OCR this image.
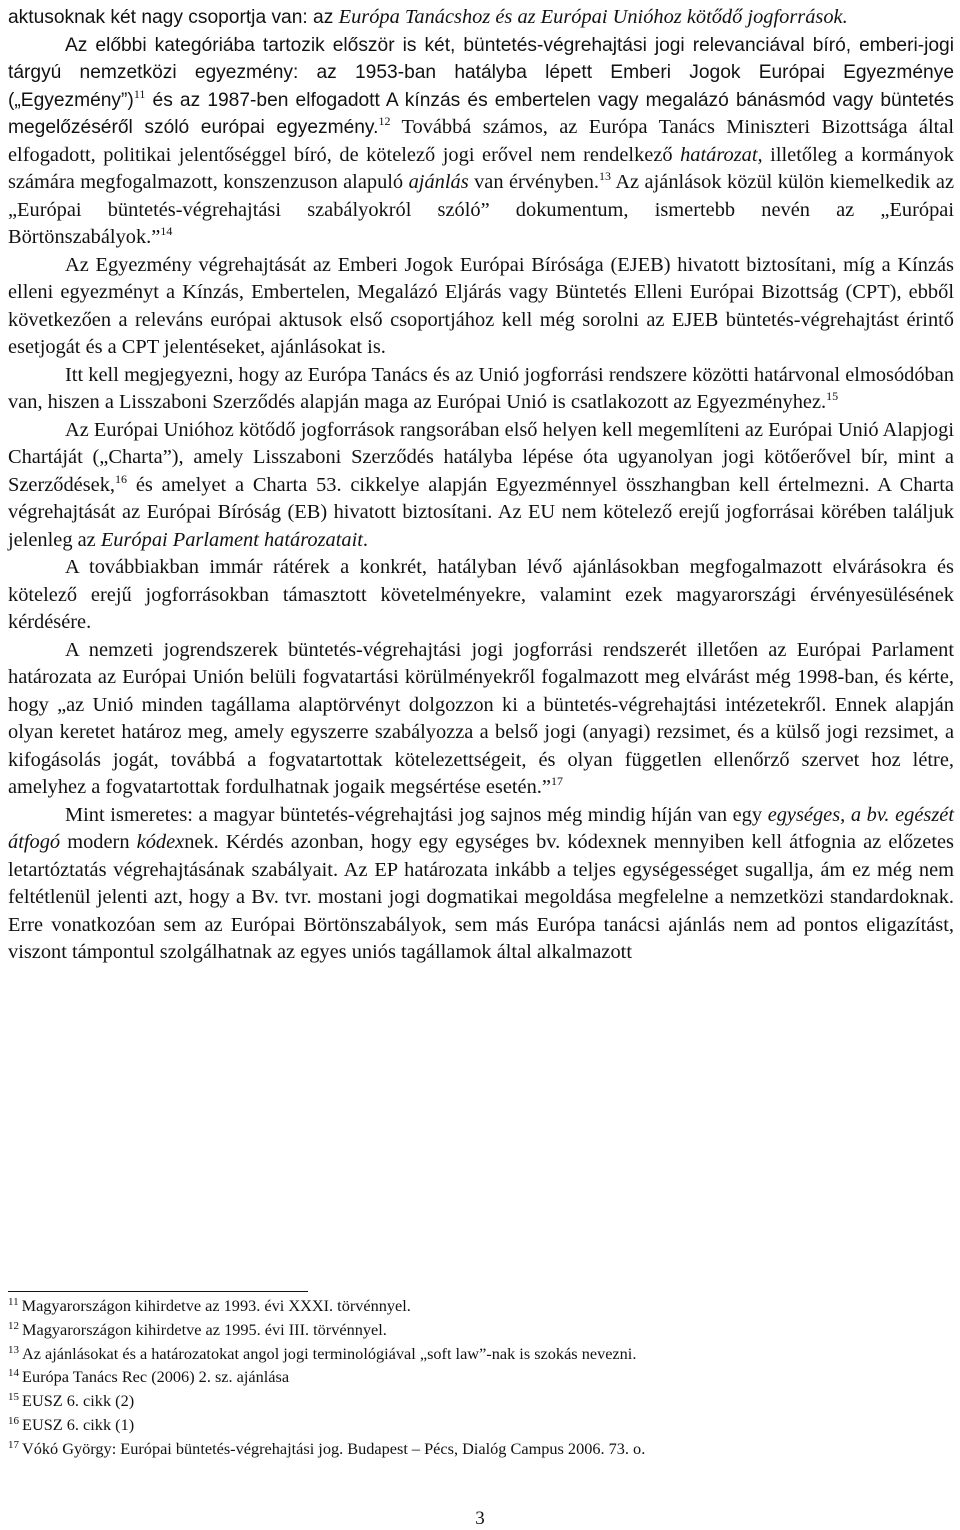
aktusoknak két nagy csoportja van: az Európa Tanácshoz és az Európai Unióhoz kötődő jogforrások.

Az előbbi kategóriába tartozik először is két, büntetés-végrehajtási jogi relevanciával bíró, emberi-jogi tárgyú nemzetközi egyezmény: az 1953-ban hatályba lépett Emberi Jogok Európai Egyezménye („Egyezmény”)$^{11}$ és az 1987-ben elfogadott A kínzás és embertelen vagy megalázó bánásmód vagy büntetés megelőzéséről szóló európai egyezmény.$^{12}$ Továbbá számos, az Európa Tanács Miniszteri Bizottsága által elfogadott, politikai jelentőséggel bíró, de kötelező jogi erővel nem rendelkező határozat, illetőleg a kormányok számára megfogalmazott, konszenzuson alapuló ajánlás van érvényben.$^{13}$ Az ajánlások közül külön kiemelkedik az „Európai büntetés-végrehajtási szabályokról szóló” dokumentum, ismertebb nevén az „Európai Börtönszabályok.”$^{14}$

Az Egyezmény végrehajtását az Emberi Jogok Európai Bírósága (EJEB) hivatott biztosítani, míg a Kínzás elleni egyezményt a Kínzás, Embertelen, Megalázó Eljárás vagy Büntetés Elleni Európai Bizottság (CPT), ebből következően a releváns európai aktusok első csoportjához kell még sorolni az EJEB büntetés-végrehajtást érintő esetjogát és a CPT jelentéseket, ajánlásokat is.

Itt kell megjegyezni, hogy az Európa Tanács és az Unió jogforrási rendszere közötti határvonal elmosódóban van, hiszen a Lisszaboni Szerződés alapján maga az Európai Unió is csatlakozott az Egyezményhez.$^{15}$

Az Európai Unióhoz kötődő jogforrások rangsorában első helyen kell megemlíteni az Európai Unió Alapjogi Chartáját („Charta”), amely Lisszaboni Szerződés hatályba lépése óta ugyanolyan jogi kötőerővel bír, mint a Szerződések,$^{16}$ és amelyet a Charta 53. cikkelye alapján Egyezménnyel összhangban kell értelmezni. A Charta végrehajtását az Európai Bíróság (EB) hivatott biztosítani. Az EU nem kötelező erejű jogforrásai körében találjuk jelenleg az Európai Parlament határozatait.

A továbbiakban immár rátérek a konkrét, hatályban lévő ajánlásokban megfogalmazott elvárásokra és kötelező erejű jogforrásokban támasztott követelményekre, valamint ezek magyarországi érvényesülésének kérdésére.

A nemzeti jogrendszerek büntetés-végrehajtási jogi jogforrási rendszerét illetően az Európai Parlament határozata az Európai Unión belüli fogvatartási körülményekről fogalmazott meg elvárást még 1998-ban, és kérte, hogy „az Unió minden tagállama alaptörvényt dolgozzon ki a büntetés-végrehajtási intézetekről. Ennek alapján olyan keretet határoz meg, amely egyszerre szabályozza a belső jogi (anyagi) rezsimet, és a külső jogi rezsimet, a kifogásolás jogát, továbbá a fogvatartottak kötelezettségeit, és olyan független ellenőrző szervet hoz létre, amelyhez a fogvatartottak fordulhatnak jogaik megsértése esetén.”$^{17}$

Mint ismeretes: a magyar büntetés-végrehajtási jog sajnos még mindig híján van egy egységes, a bv. egészét átfogó modern kódexnek. Kérdés azonban, hogy egy egységes bv. kódexnek mennyiben kell átfognia az előzetes letartóztatás végrehajtásának szabályait. Az EP határozata inkább a teljes egységességet sugallja, ám ez még nem feltétlenül jelenti azt, hogy a Bv. tvr. mostani jogi dogmatikai megoldása megfelelne a nemzetközi standardoknak. Erre vonatkozóan sem az Európai Börtönszabályok, sem más Európa tanácsi ajánlás nem ad pontos eligazítást, viszont támpontul szolgálhatnak az egyes uniós tagállamok által alkalmazott

$^{11}$ Magyarországon kihirdetve az 1993. évi XXXI. törvénnyel.
$^{12}$ Magyarországon kihirdetve az 1995. évi III. törvénnyel.
$^{13}$ Az ajánlásokat és a határozatokat angol jogi terminológiával „soft law”-nak is szokás nevezni.
$^{14}$ Európa Tanács Rec (2006) 2. sz. ajánlása
$^{15}$ EUSZ 6. cikk (2)
$^{16}$ EUSZ 6. cikk (1)
$^{17}$ Vókó György: Európai büntetés-végrehajtási jog. Budapest – Pécs, Dialóg Campus 2006. 73. o.
3
